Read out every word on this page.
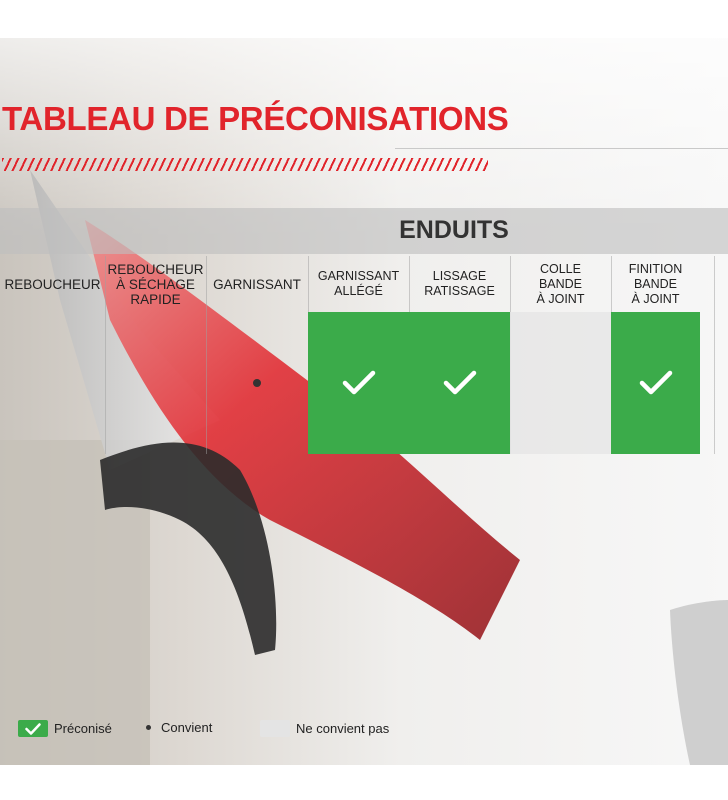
TABLEAU DE PRÉCONISATIONS
ENDUITS
REBOUCHEUR
REBOUCHEUR
À SÉCHAGE
RAPIDE
GARNISSANT
GARNISSANT
ALLÉGÉ
LISSAGE
RATISSAGE
COLLE
BANDE
À JOINT
FINITION
BANDE
À JOINT
Préconisé	Convient	Ne convient pas
